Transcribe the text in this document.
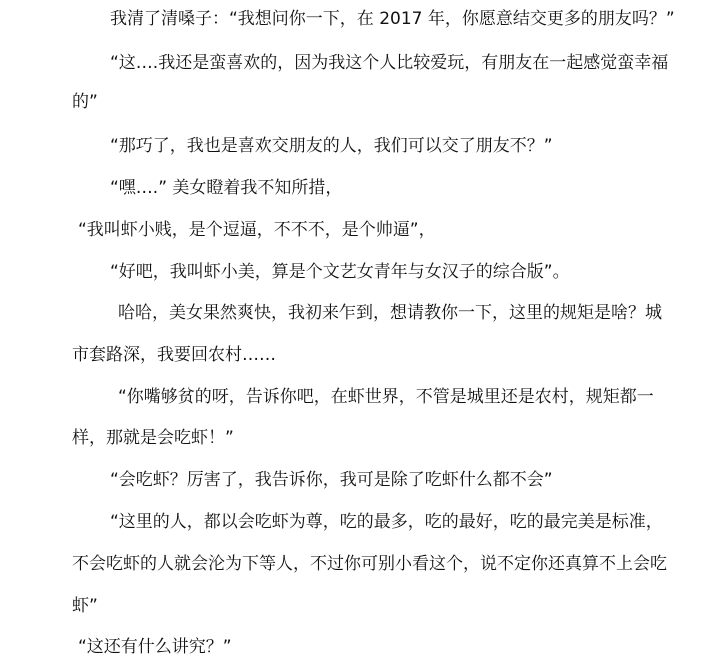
我清了清嗓子：“我想问你一下，在 2017 年，你愿意结交更多的朋友吗？”
“这….我还是蛮喜欢的，因为我这个人比较爱玩，有朋友在一起感觉蛮幸福
的”
“那巧了，我也是喜欢交朋友的人，我们可以交了朋友不？”
“嘿….” 美女瞪着我不知所措，
“我叫虾小贱，是个逗逼，不不不，是个帅逼”，
“好吧，我叫虾小美，算是个文艺女青年与女汉子的综合版”。
哈哈，美女果然爽快，我初来乍到，想请教你一下，这里的规矩是啥？城
市套路深，我要回农村……
“你嘴够贫的呀，告诉你吧，在虾世界，不管是城里还是农村，规矩都一
样，那就是会吃虾！”
“会吃虾？厉害了，我告诉你，我可是除了吃虾什么都不会”
“这里的人，都以会吃虾为尊，吃的最多，吃的最好，吃的最完美是标准，
不会吃虾的人就会沦为下等人，不过你可别小看这个，说不定你还真算不上会吃
虾”
“这还有什么讲究？”
